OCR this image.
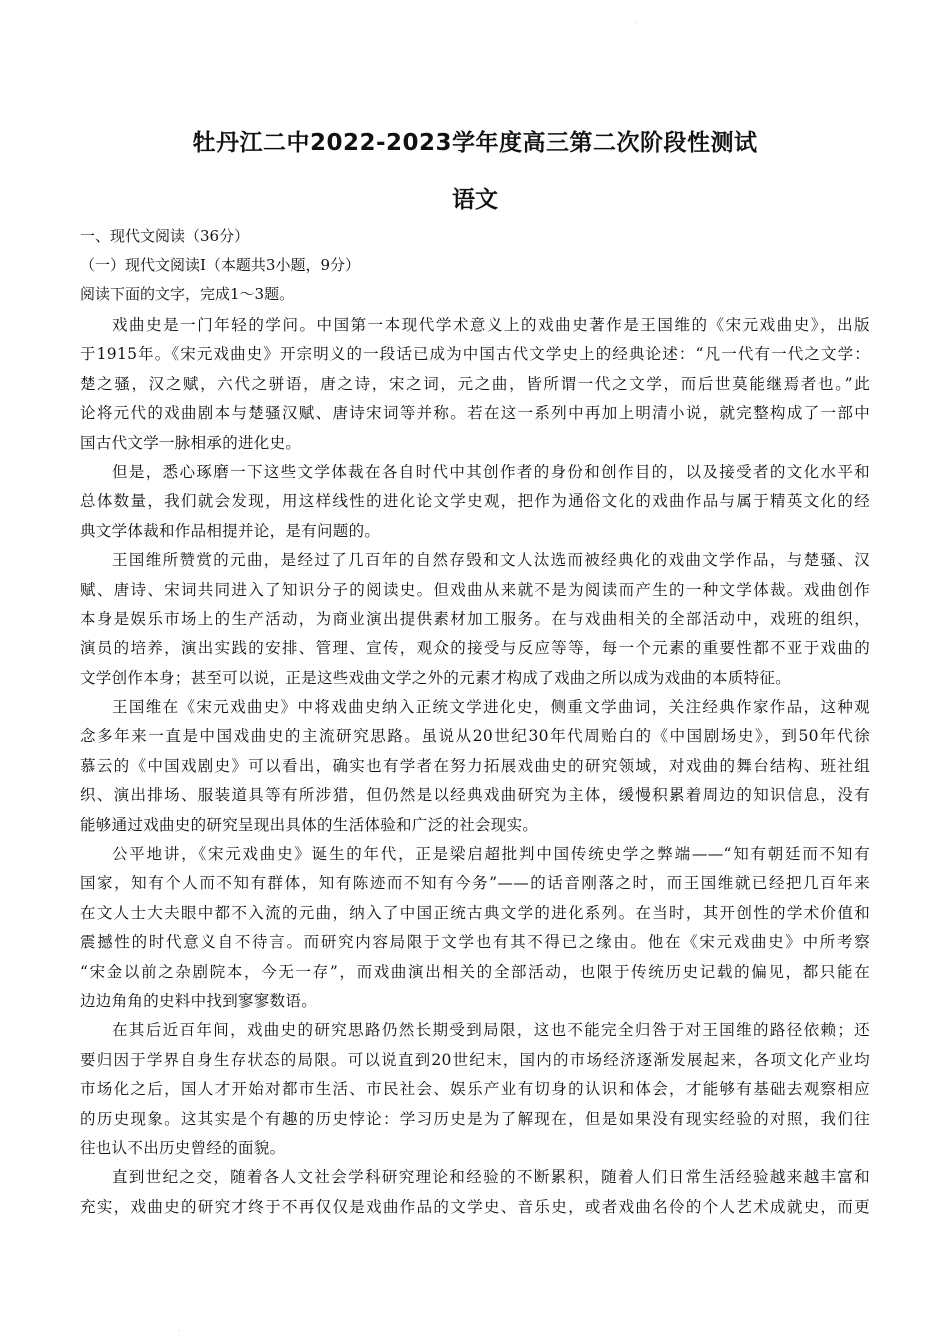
·
牡丹江二中2022-2023学年度高三第二次阶段性测试
语文
一、现代文阅读（36分）
（一）现代文阅读Ⅰ（本题共3小题，9分）
阅读下面的文字，完成1～3题。
戏曲史是一门年轻的学问。中国第一本现代学术意义上的戏曲史著作是王国维的《宋元戏曲史》，出版
于1915年。《宋元戏曲史》开宗明义的一段话已成为中国古代文学史上的经典论述：“凡一代有一代之文学：
楚之骚，汉之赋，六代之骈语，唐之诗，宋之词，元之曲，皆所谓一代之文学，而后世莫能继焉者也。”此
论将元代的戏曲剧本与楚骚汉赋、唐诗宋词等并称。若在这一系列中再加上明清小说，就完整构成了一部中
国古代文学一脉相承的进化史。
但是，悉心琢磨一下这些文学体裁在各自时代中其创作者的身份和创作目的，以及接受者的文化水平和
总体数量，我们就会发现，用这样线性的进化论文学史观，把作为通俗文化的戏曲作品与属于精英文化的经
典文学体裁和作品相提并论，是有问题的。
王国维所赞赏的元曲，是经过了几百年的自然存毁和文人汰选而被经典化的戏曲文学作品，与楚骚、汉
赋、唐诗、宋词共同进入了知识分子的阅读史。但戏曲从来就不是为阅读而产生的一种文学体裁。戏曲创作
本身是娱乐市场上的生产活动，为商业演出提供素材加工服务。在与戏曲相关的全部活动中，戏班的组织，
演员的培养，演出实践的安排、管理、宣传，观众的接受与反应等等，每一个元素的重要性都不亚于戏曲的
文学创作本身；甚至可以说，正是这些戏曲文学之外的元素才构成了戏曲之所以成为戏曲的本质特征。
王国维在《宋元戏曲史》中将戏曲史纳入正统文学进化史，侧重文学曲词，关注经典作家作品，这种观
念多年来一直是中国戏曲史的主流研究思路。虽说从20世纪30年代周贻白的《中国剧场史》，到50年代徐
慕云的《中国戏剧史》可以看出，确实也有学者在努力拓展戏曲史的研究领域，对戏曲的舞台结构、班社组
织、演出排场、服装道具等有所涉猎，但仍然是以经典戏曲研究为主体，缓慢积累着周边的知识信息，没有
能够通过戏曲史的研究呈现出具体的生活体验和广泛的社会现实。
公平地讲，《宋元戏曲史》诞生的年代，正是梁启超批判中国传统史学之弊端——“知有朝廷而不知有
国家，知有个人而不知有群体，知有陈迹而不知有今务”——的话音刚落之时，而王国维就已经把几百年来
在文人士大夫眼中都不入流的元曲，纳入了中国正统古典文学的进化系列。在当时，其开创性的学术价值和
震撼性的时代意义自不待言。而研究内容局限于文学也有其不得已之缘由。他在《宋元戏曲史》中所考察
“宋金以前之杂剧院本，今无一存”，而戏曲演出相关的全部活动，也限于传统历史记载的偏见，都只能在
边边角角的史料中找到寥寥数语。
在其后近百年间，戏曲史的研究思路仍然长期受到局限，这也不能完全归咎于对王国维的路径依赖；还
要归因于学界自身生存状态的局限。可以说直到20世纪末，国内的市场经济逐渐发展起来，各项文化产业均
市场化之后，国人才开始对都市生活、市民社会、娱乐产业有切身的认识和体会，才能够有基础去观察相应
的历史现象。这其实是个有趣的历史悖论：学习历史是为了解现在，但是如果没有现实经验的对照，我们往
往也认不出历史曾经的面貌。
直到世纪之交，随着各人文社会学科研究理论和经验的不断累积，随着人们日常生活经验越来越丰富和
充实，戏曲史的研究才终于不再仅仅是戏曲作品的文学史、音乐史，或者戏曲名伶的个人艺术成就史，而更
·
